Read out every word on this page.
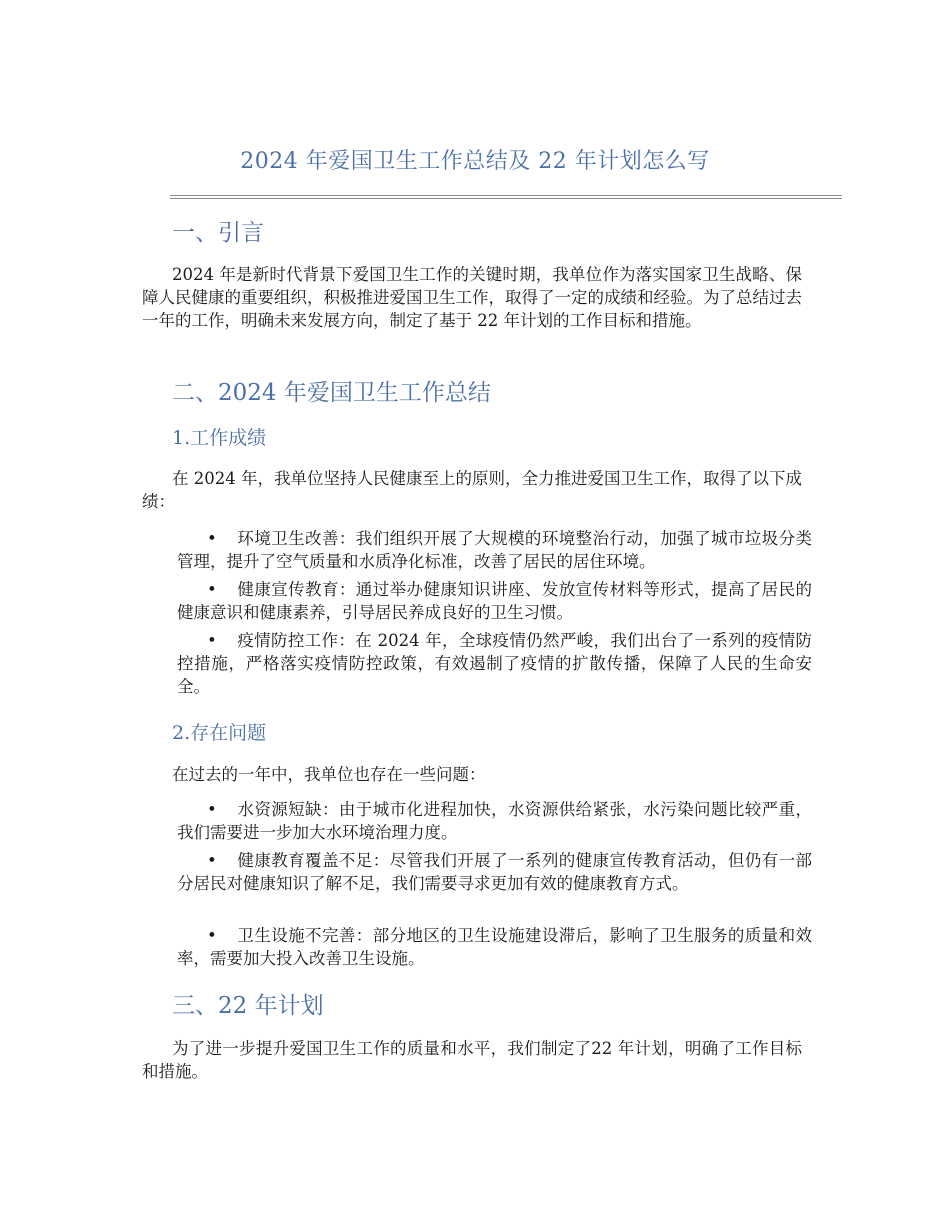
2024 年爱国卫生工作总结及 22 年计划怎么写
一、引言
2024 年是新时代背景下爱国卫生工作的关键时期，我单位作为落实国家卫生战略、保障人民健康的重要组织，积极推进爱国卫生工作，取得了一定的成绩和经验。为了总结过去一年的工作，明确未来发展方向，制定了基于 22 年计划的工作目标和措施。
二、2024 年爱国卫生工作总结
1.工作成绩
在 2024 年，我单位坚持人民健康至上的原则，全力推进爱国卫生工作，取得了以下成绩：
• 环境卫生改善：我们组织开展了大规模的环境整治行动，加强了城市垃圾分类管理，提升了空气质量和水质净化标准，改善了居民的居住环境。
• 健康宣传教育：通过举办健康知识讲座、发放宣传材料等形式，提高了居民的健康意识和健康素养，引导居民养成良好的卫生习惯。
• 疫情防控工作：在 2024 年，全球疫情仍然严峻，我们出台了一系列的疫情防控措施，严格落实疫情防控政策，有效遏制了疫情的扩散传播，保障了人民的生命安全。
2.存在问题
在过去的一年中，我单位也存在一些问题：
• 水资源短缺：由于城市化进程加快，水资源供给紧张，水污染问题比较严重，我们需要进一步加大水环境治理力度。
• 健康教育覆盖不足：尽管我们开展了一系列的健康宣传教育活动，但仍有一部分居民对健康知识了解不足，我们需要寻求更加有效的健康教育方式。
• 卫生设施不完善：部分地区的卫生设施建设滞后，影响了卫生服务的质量和效率，需要加大投入改善卫生设施。
三、22 年计划
为了进一步提升爱国卫生工作的质量和水平，我们制定了22 年计划，明确了工作目标和措施。
